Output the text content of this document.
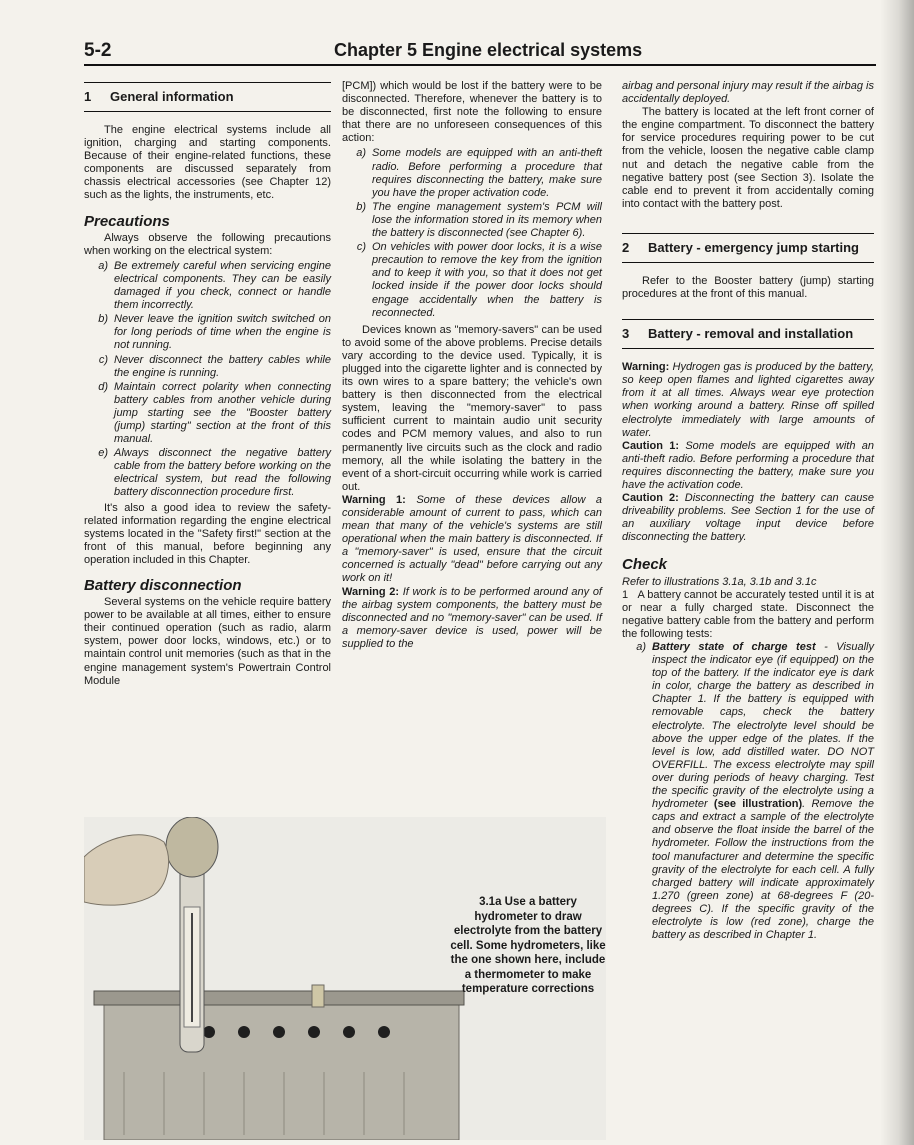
5-2	Chapter 5 Engine electrical systems
1	General information

The engine electrical systems include all ignition, charging and starting components. Because of their engine-related functions, these components are discussed separately from chassis electrical accessories (see Chapter 12) such as the lights, the instruments, etc.

Precautions

Always observe the following precautions when working on the electrical system:

a) Be extremely careful when servicing engine electrical components. They can be easily damaged if you check, connect or handle them incorrectly.
b) Never leave the ignition switch switched on for long periods of time when the engine is not running.
c) Never disconnect the battery cables while the engine is running.
d) Maintain correct polarity when connecting battery cables from another vehicle during jump starting see the "Booster battery (jump) starting" section at the front of this manual.
e) Always disconnect the negative battery cable from the battery before working on the electrical system, but read the following battery disconnection procedure first.

It's also a good idea to review the safety-related information regarding the engine electrical systems located in the "Safety first!" section at the front of this manual, before beginning any operation included in this Chapter.

Battery disconnection

Several systems on the vehicle require battery power to be available at all times, either to ensure their continued operation (such as radio, alarm system, power door locks, windows, etc.) or to maintain control unit memories (such as that in the engine management system's Powertrain Control Module

[PCM]) which would be lost if the battery were to be disconnected. Therefore, whenever the battery is to be disconnected, first note the following to ensure that there are no unforeseen consequences of this action:

a) Some models are equipped with an anti-theft radio. Before performing a procedure that requires disconnecting the battery, make sure you have the proper activation code.
b) The engine management system's PCM will lose the information stored in its memory when the battery is disconnected (see Chapter 6).
c) On vehicles with power door locks, it is a wise precaution to remove the key from the ignition and to keep it with you, so that it does not get locked inside if the power door locks should engage accidentally when the battery is reconnected.

Devices known as "memory-savers" can be used to avoid some of the above problems. Precise details vary according to the device used. Typically, it is plugged into the cigarette lighter and is connected by its own wires to a spare battery; the vehicle's own battery is then disconnected from the electrical system, leaving the "memory-saver" to pass sufficient current to maintain audio unit security codes and PCM memory values, and also to run permanently live circuits such as the clock and radio memory, all the while isolating the battery in the event of a short-circuit occurring while work is carried out.

Warning 1: Some of these devices allow a considerable amount of current to pass, which can mean that many of the vehicle's systems are still operational when the main battery is disconnected. If a "memory-saver" is used, ensure that the circuit concerned is actually "dead" before carrying out any work on it!

Warning 2: If work is to be performed around any of the airbag system components, the battery must be disconnected and no "memory-saver" can be used. If a memory-saver device is used, power will be supplied to the

airbag and personal injury may result if the airbag is accidentally deployed.

The battery is located at the left front corner of the engine compartment. To disconnect the battery for service procedures requiring power to be cut from the vehicle, loosen the negative cable clamp nut and detach the negative cable from the negative battery post (see Section 3). Isolate the cable end to prevent it from accidentally coming into contact with the battery post.

2	Battery - emergency jump starting

Refer to the Booster battery (jump) starting procedures at the front of this manual.

3	Battery - removal and installation

Warning: Hydrogen gas is produced by the battery, so keep open flames and lighted cigarettes away from it at all times. Always wear eye protection when working around a battery. Rinse off spilled electrolyte immediately with large amounts of water.

Caution 1: Some models are equipped with an anti-theft radio. Before performing a procedure that requires disconnecting the battery, make sure you have the activation code.

Caution 2: Disconnecting the battery can cause driveability problems. See Section 1 for the use of an auxiliary voltage input device before disconnecting the battery.

Check

Refer to illustrations 3.1a, 3.1b and 3.1c

1 A battery cannot be accurately tested until it is at or near a fully charged state. Disconnect the negative battery cable from the battery and perform the following tests:

a) Battery state of charge test - Visually inspect the indicator eye (if equipped) on the top of the battery. If the indicator eye is dark in color, charge the battery as described in Chapter 1. If the battery is equipped with removable caps, check the battery electrolyte. The electrolyte level should be above the upper edge of the plates. If the level is low, add distilled water. DO NOT OVERFILL. The excess electrolyte may spill over during periods of heavy charging. Test the specific gravity of the electrolyte using a hydrometer (see illustration). Remove the caps and extract a sample of the electrolyte and observe the float inside the barrel of the hydrometer. Follow the instructions from the tool manufacturer and determine the specific gravity of the electrolyte for each cell. A fully charged battery will indicate approximately 1.270 (green zone) at 68-degrees F (20-degrees C). If the specific gravity of the electrolyte is low (red zone), charge the battery as described in Chapter 1.
3.1a Use a battery hydrometer to draw electrolyte from the battery cell. Some hydrometers, like the one shown here, include a thermometer to make temperature corrections
